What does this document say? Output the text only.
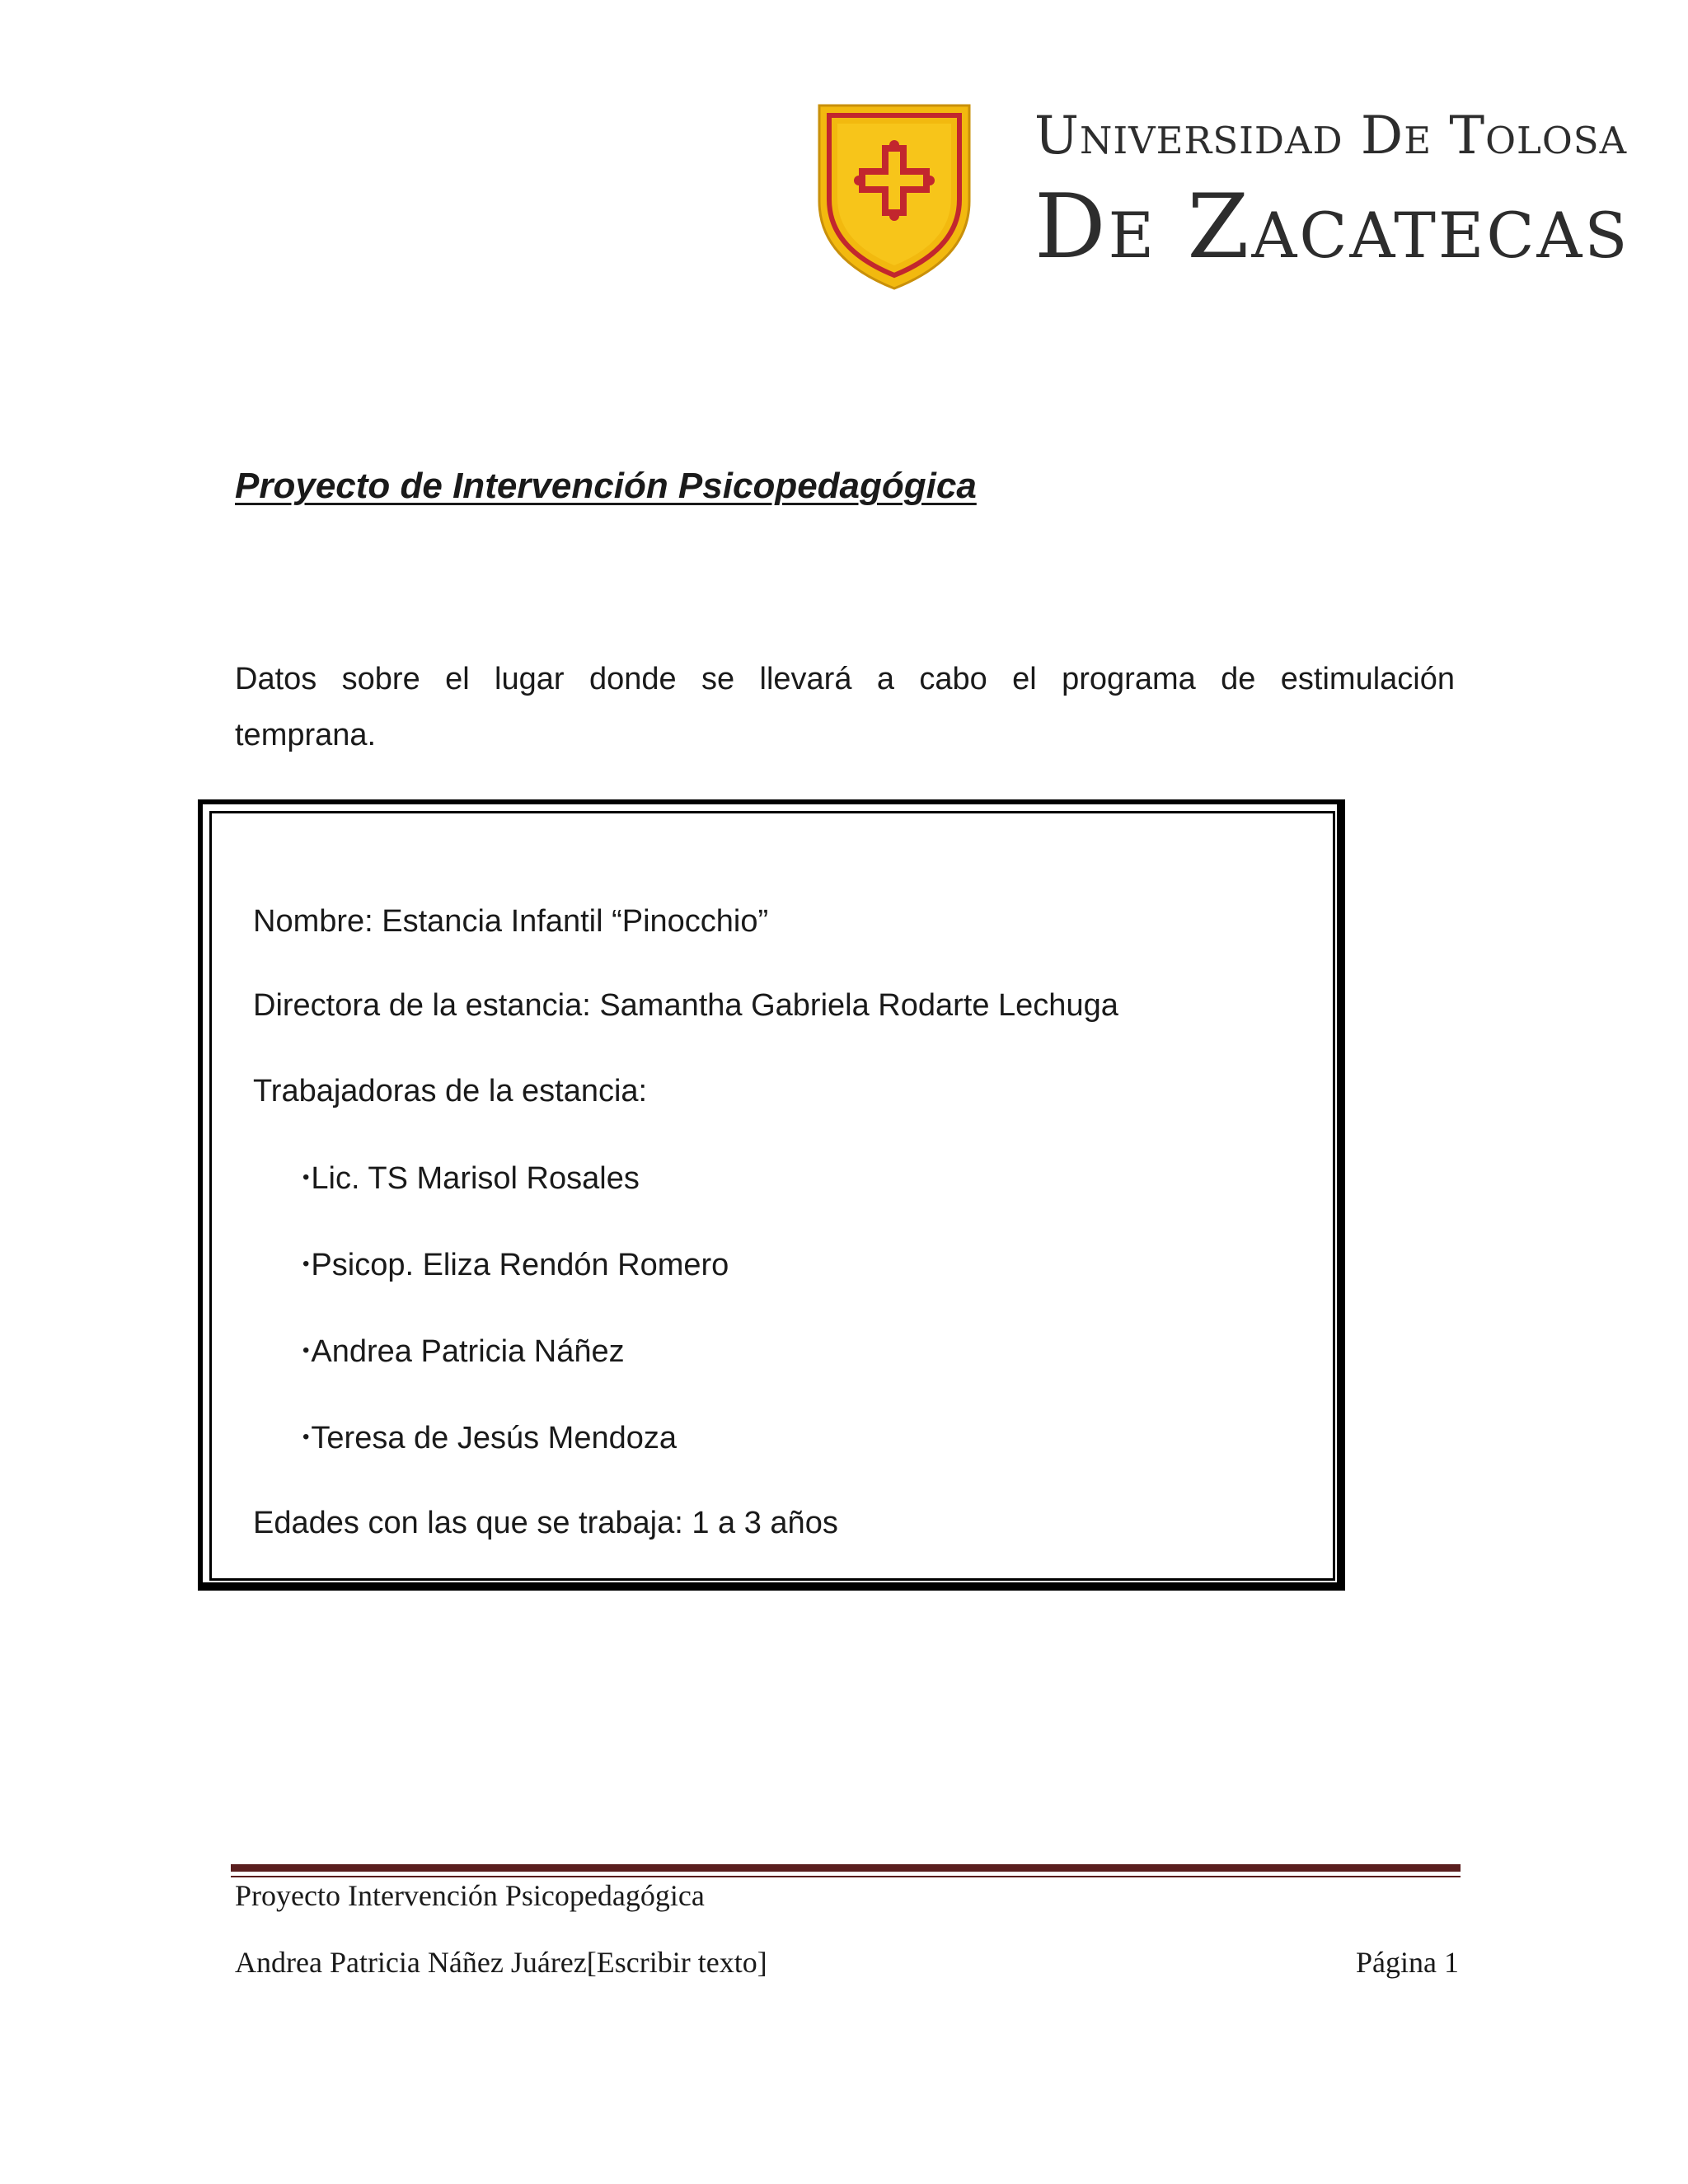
Universidad De Tolosa
De Zacatecas
Proyecto de Intervención Psicopedagógica
Datos sobre el lugar donde se llevará a cabo el programa de estimulación temprana.
Nombre: Estancia Infantil “Pinocchio”
Directora de la estancia: Samantha Gabriela Rodarte Lechuga
Trabajadoras de la estancia:
•Lic. TS Marisol Rosales
•Psicop. Eliza Rendón Romero
•Andrea Patricia Náñez
•Teresa de Jesús Mendoza
Edades con las que se trabaja: 1 a 3 años
Proyecto Intervención Psicopedagógica
Andrea Patricia Náñez Juárez[Escribir texto]	Página 1
